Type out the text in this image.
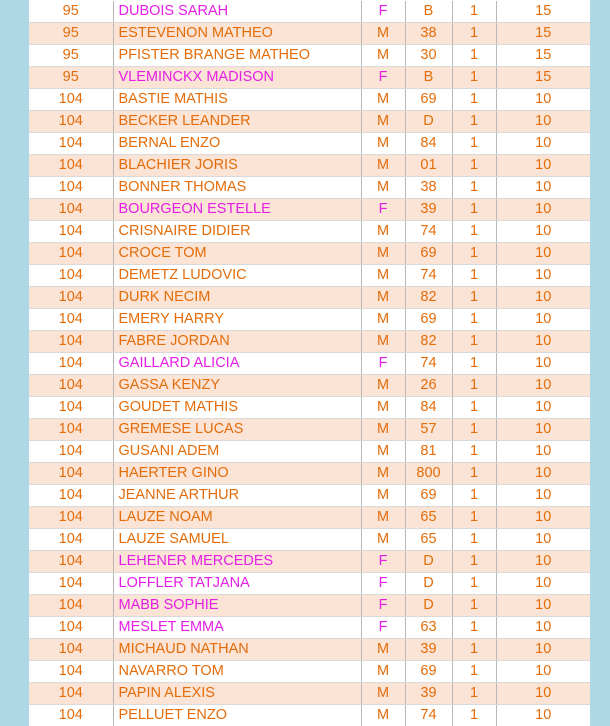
95	DUBOIS SARAH	F	B	1	15
95	ESTEVENON MATHEO	M	38	1	15
95	PFISTER BRANGE MATHEO	M	30	1	15
95	VLEMINCKX MADISON	F	B	1	15
104	BASTIE MATHIS	M	69	1	10
104	BECKER LEANDER	M	D	1	10
104	BERNAL ENZO	M	84	1	10
104	BLACHIER JORIS	M	01	1	10
104	BONNER THOMAS	M	38	1	10
104	BOURGEON ESTELLE	F	39	1	10
104	CRISNAIRE DIDIER	M	74	1	10
104	CROCE TOM	M	69	1	10
104	DEMETZ LUDOVIC	M	74	1	10
104	DURK NECIM	M	82	1	10
104	EMERY HARRY	M	69	1	10
104	FABRE JORDAN	M	82	1	10
104	GAILLARD ALICIA	F	74	1	10
104	GASSA KENZY	M	26	1	10
104	GOUDET MATHIS	M	84	1	10
104	GREMESE LUCAS	M	57	1	10
104	GUSANI ADEM	M	81	1	10
104	HAERTER GINO	M	800	1	10
104	JEANNE ARTHUR	M	69	1	10
104	LAUZE NOAM	M	65	1	10
104	LAUZE SAMUEL	M	65	1	10
104	LEHENER MERCEDES	F	D	1	10
104	LOFFLER TATJANA	F	D	1	10
104	MABB SOPHIE	F	D	1	10
104	MESLET EMMA	F	63	1	10
104	MICHAUD NATHAN	M	39	1	10
104	NAVARRO TOM	M	69	1	10
104	PAPIN ALEXIS	M	39	1	10
104	PELLUET ENZO	M	74	1	10
